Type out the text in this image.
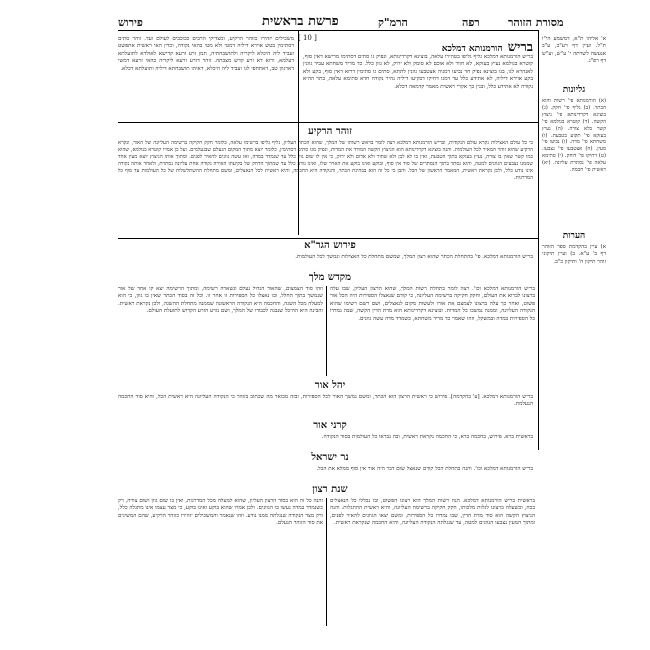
פירוש	פרשת בראשית	הרמ"ק	רפה	מסורת הזוהר
[ 10 ]
בריש הורמנותא דמלכא
בריש הורמנותא דמלכא גליף גליפו בטהירו עלאה, בוצינא דקרדינותא, ונפיק גו סתים דסתימו מרישא דאין סוף, קוטרא בגולמא נעיץ בעזקא, לא חוור ולא אוכם לא סומק ולא ירוק, לא גוון כלל. כד מדיד משחתא עביד גוונין לאנהרא לגו, בגו בוצינא נפיק חד נביעו דמניה אצטבעו גוונין לתתא, סתים גו סתימין דרזא דאין סוף, בקע ולא בקע אוירא דיליה, לא אתידע כלל עד דמגו דחיקו דבקיעו דיליה נהיר נקודה חדא סתימא עלאה, בתר ההיא נקודה לא אתידע כלל, ובגין כך אקרי ראשית מאמר קדמאה דכלא.
משכילים יזהירו כזוהר הרקיע, ומצדיקי הרבים ככוכבים לעולם ועד. זוהר סתים דסתימין בטש אוירא דיליה דמטי ולא מטי בהאי נקודה, וכדין האי ראשית אתפשט ועביד ליה היכלא ליקריה ולתושבחתיה, תמן זרע זרעא קדישא לאולדא לתועלתא דעלמא, ורזא דא זרע קדש מצבתה. זוהר דזרע זרעא ליקריה כהאי זרעא דמשי דארגוון טב, דאתחפי לגו ועביד ליה היכלא, דאיהו תושבחתא דיליה ותועלתא דכלא.
זוהר הרקיע
כי כל עולם האצילות נקרא עולם הנקודות, ובריש הורמנותא דמלכא רצה לומר בראש רשותו של המלך, שהוא הכתר העליון, גליף גליפו ברשימו עלאה, כלומר חקק חקיקה ברשימה העליונה של האור, ונקרא הרקיע שהוא זוהר המאיר לכל העולמות. והנה בוצינא דקרדינותא הוא הניצוץ הקשה המודד את המדות, ונפיק מגו סתים דסתימין, כלומר יוצא מתוך המקום הנעלם שבנעלמים. ועל כן אמרו קוטרא בגולמא, שהוא כמו קשר שאין בו צורה, נעיץ בעזקא בתוך הטבעת, ואין בו לא לבן ולא שחור ולא אדום ולא ירוק, כי אין לו שום גוון כלל עד שנמדד במדה, ואז עשה גוונים להאיר לפנים. ומתוך אותו הניצוץ יוצא מעין אחד שממנו נצבעים הגוונים למטה, והוא נסתר בתוך הנסתרים של סוד אין סוף, ובוקע ואינו בוקע את האויר שלו, ואינו נודע כלל עד שמתוך הדחק של בקיעתו האירה נקודה אחת עליונה נסתרת, ולאחר אותה נקודה אינו נודע כלל, ולכן נקראת ראשית, המאמר הראשון של הכל. והבן כי כל זה הוא בבחינת הכתר, והנקודה היא החכמה, והיא ראשית לכל הנאצלים, ומשם מתחלת ההשתלשלות של כל העולמות עד סוף כל המדרגות.
פירוש הגר"א
בריש הורמנותא דמלכא. פי' בהתחלת הכתר שהוא רצון המלך, שמשם מתחלת כל האצילות ונמשך לכל העולמות.
מקדש מלך
בריש הורמנותא דמלכא וכו'. רצה לומר בתחלת רשות המלך, שהוא הרצון העליון, שבו עלה ברצונו לברוא את העולם, וחקק חקיקה ברשימה העליונה, כי קודם שנאצלו הספירות היה הכל אור פשוט, ואחר כך עלה ברצונו לצמצם את אורו ולעשות מקום לנאצלים, ושם רשם רשימו שהוא הנקודה העליונה, וממנה נמשכו כל המדות. ובוצינא דקרדינותא הוא מדת הדין הקשה, שבה נמדדו כל הספירות במדה ובמשקל, וזהו שאמר כד מדיד משחתא, כשמדד מדה עשה גוונים.
וזהו סוד הצמצום, שהאור הגדול נעלם ונשארה רשימה, ומתוך הרשימה יצא קו אחד של אור שנמשך בתוך החלל, ובו נאצלו כל הספירות זו אחר זו. וכל זה בסוד הכתר שאין בו גוון, כי הוא למעלה מכל השגה, והחכמה היא הנקודה הראשונה שממנה מתחלת ההשגה, ולכן נקראת ראשית. והבינה היא ההיכל שנבנה לכבודו של המלך, ושם נזרע הזרע הקדוש לתועלת העולם.
יהל אור
בריש הורמנותא דמלכא. [ע' בהקדמה]. פירוש כי ראשית הרצון הוא הכתר, ומשם נמשך האור לכל הספירות, ובזה מבואר מה שכתוב בזוהר כי הנקודה העליונה היא ראשית הכל, והיא סוד החכמה הנעלמת.
קרני אור
בראשית ברא. פירוש, בחכמה ברא, כי החכמה נקראת ראשית, ובה נבראו כל העולמות בסוד הנקודה.
נר ישראל
בריש הורמנותא דמלכא וכו'. והנה בתחלת הכל קודם שנאצל שום דבר היה אור אין סוף ממלא את הכל.
שנת רצון
בראשית בריש הורמנותא דמלכא. הנה רשות המלך הוא רצונו הפשוט, ובו נכללו כל הנאצלים בכח, וכשעלה ברצונו לגלות מלכותו, חקק חקיקה ברשימה העליונה, והיא ראשית ההתגלות. והנה הניצוץ הקשה הוא סוד מדת הדין, שבו נמדדו כל הספירות, ומשם יצאו הגוונים להאיר לפנים, ומתוך המעין נצבעו הגוונים למטה, עד שנגלתה הנקודה העליונה, והיא החכמה שנקראת ראשית.
והנה כל זה הוא בסוד הרצון העליון, שהוא למעלה מכל המדרגות, ואין בו שום גוון ושום צורה, רק כשנמדד במדה נעשו בו הגוונים. ולכן אמרו שהוא בוקע ואינו בוקע, כי מצד עצמו אינו מתגלה כלל, ורק מצד הנקודה שנגלתה ממנו נודע. וזהו שנאמר והמשכילים יזהירו כזוהר הרקיע, שהם המשיגים את סוד הזוהר הנעלם.
א' אליהו ת"א, דמשמע הי"ו ת"ל. ועיין דף רע"ב, ע"ב אנעשה לשרתה י' ע"ש, וע"ש דף רפ"ג.
גליונות
(א) הורמנותא פי' רשות והוא הכתר. (ב) גליף פי' חקק. (ג) בוצינא דקרדינותא פי' ניצוץ הקשה. (ד) קוטרא בגולמא פי' קשר בלא צורה. (ה) נעיץ בעזקא פי' תקוע בטבעת. (ו) משחתא פי' מדה. (ז) נביעו פי' מעין. (ח) אצטבעו פי' נצבעו. (ט) דחיקו פי' דוחק. (י) סתימא עלאה פי' נסתרת עליונה. (יא) ראשית פי' חכמה.
הערות
א) עיין בהקדמת ספר הזוהר דף ב' ע"א. ב) ועיין תיקוני זוהר תיקון ה' ותיקון כ"ב.
